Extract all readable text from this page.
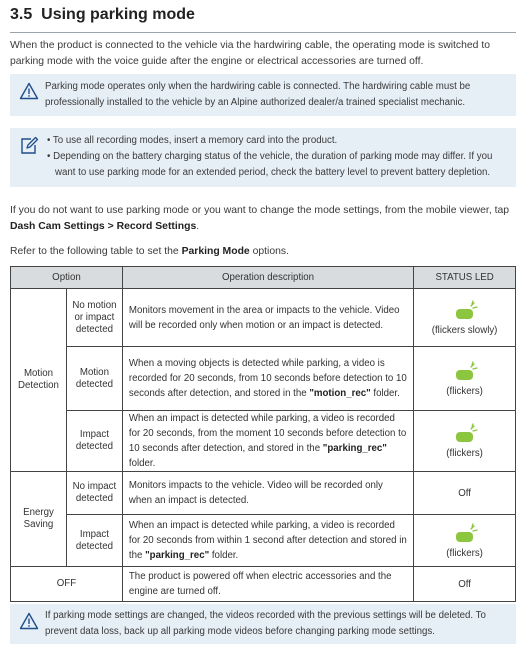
3.5 Using parking mode
When the product is connected to the vehicle via the hardwiring cable, the operating mode is switched to parking mode with the voice guide after the engine or electrical accessories are turned off.
Parking mode operates only when the hardwiring cable is connected. The hardwiring cable must be professionally installed to the vehicle by an Alpine authorized dealer/a trained specialist mechanic.
• To use all recording modes, insert a memory card into the product.
• Depending on the battery charging status of the vehicle, the duration of parking mode may differ. If you want to use parking mode for an extended period, check the battery level to prevent battery depletion.
If you do not want to use parking mode or you want to change the mode settings, from the mobile viewer, tap Dash Cam Settings > Record Settings.
Refer to the following table to set the Parking Mode options.
Option		Operation description	STATUS LED
Motion Detection	No motion or impact detected	Monitors movement in the area or impacts to the vehicle. Video will be recorded only when motion or an impact is detected.	(flickers slowly)

	Motion detected	When a moving objects is detected while parking, a video is recorded for 20 seconds, from 10 seconds before detection to 10 seconds after detection, and stored in the "motion_rec" folder.	(flickers)

	Impact detected	When an impact is detected while parking, a video is recorded for 20 seconds, from the moment 10 seconds before detection to 10 seconds after detection, and stored in the "parking_rec" folder.	(flickers)

Energy Saving	No impact detected	Monitors impacts to the vehicle. Video will be recorded only when an impact is detected.	Off
	Impact detected	When an impact is detected while parking, a video is recorded for 20 seconds from within 1 second after detection and stored in the "parking_rec" folder.	(flickers)

OFF		The product is powered off when electric accessories and the engine are turned off.	Off
If parking mode settings are changed, the videos recorded with the previous settings will be deleted. To prevent data loss, back up all parking mode videos before changing parking mode settings.
